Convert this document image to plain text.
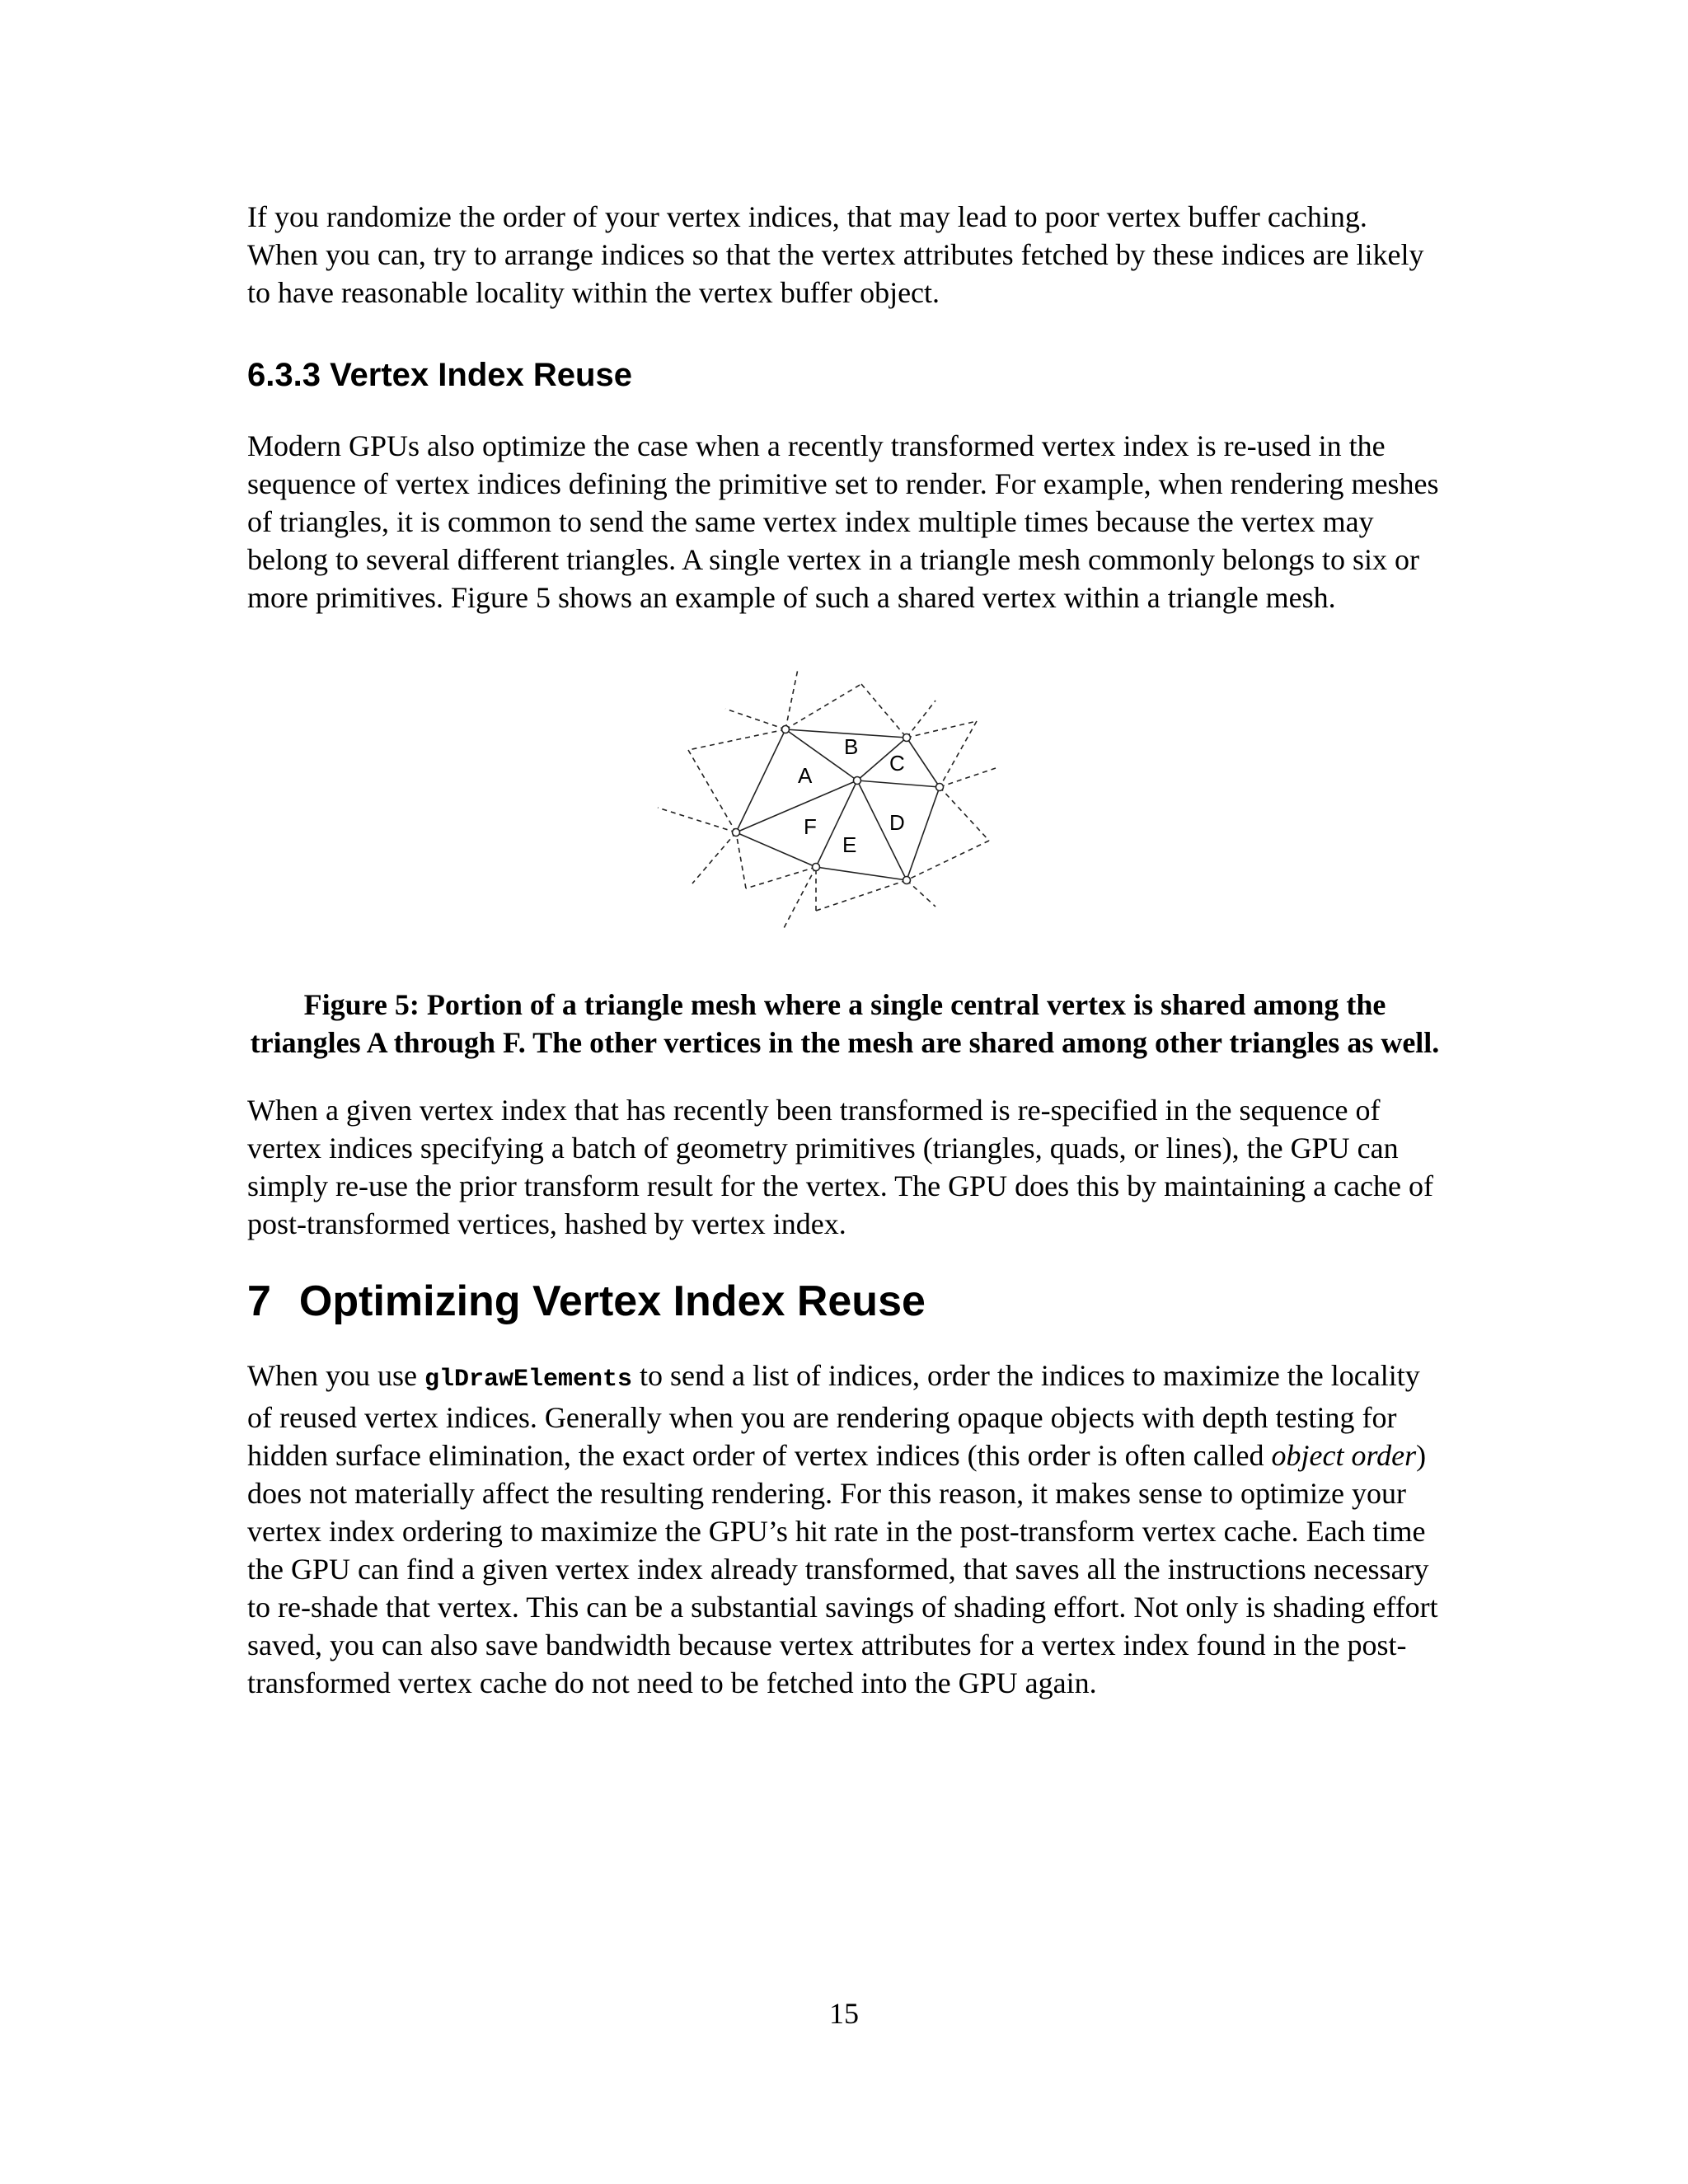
If you randomize the order of your vertex indices, that may lead to poor vertex buffer caching. When you can, try to arrange indices so that the vertex attributes fetched by these indices are likely to have reasonable locality within the vertex buffer object.

6.3.3 Vertex Index Reuse

Modern GPUs also optimize the case when a recently transformed vertex index is re-used in the sequence of vertex indices defining the primitive set to render. For example, when rendering meshes of triangles, it is common to send the same vertex index multiple times because the vertex may belong to several different triangles. A single vertex in a triangle mesh commonly belongs to six or more primitives. Figure 5 shows an example of such a shared vertex within a triangle mesh.

A
B
C
D
E
F

Figure 5: Portion of a triangle mesh where a single central vertex is shared among the triangles A through F. The other vertices in the mesh are shared among other triangles as well.

When a given vertex index that has recently been transformed is re-specified in the sequence of vertex indices specifying a batch of geometry primitives (triangles, quads, or lines), the GPU can simply re-use the prior transform result for the vertex. The GPU does this by maintaining a cache of post-transformed vertices, hashed by vertex index.

7 Optimizing Vertex Index Reuse

When you use glDrawElements to send a list of indices, order the indices to maximize the locality of reused vertex indices. Generally when you are rendering opaque objects with depth testing for hidden surface elimination, the exact order of vertex indices (this order is often called object order) does not materially affect the resulting rendering. For this reason, it makes sense to optimize your vertex index ordering to maximize the GPU’s hit rate in the post-transform vertex cache. Each time the GPU can find a given vertex index already transformed, that saves all the instructions necessary to re-shade that vertex. This can be a substantial savings of shading effort. Not only is shading effort saved, you can also save bandwidth because vertex attributes for a vertex index found in the post-transformed vertex cache do not need to be fetched into the GPU again.

15
